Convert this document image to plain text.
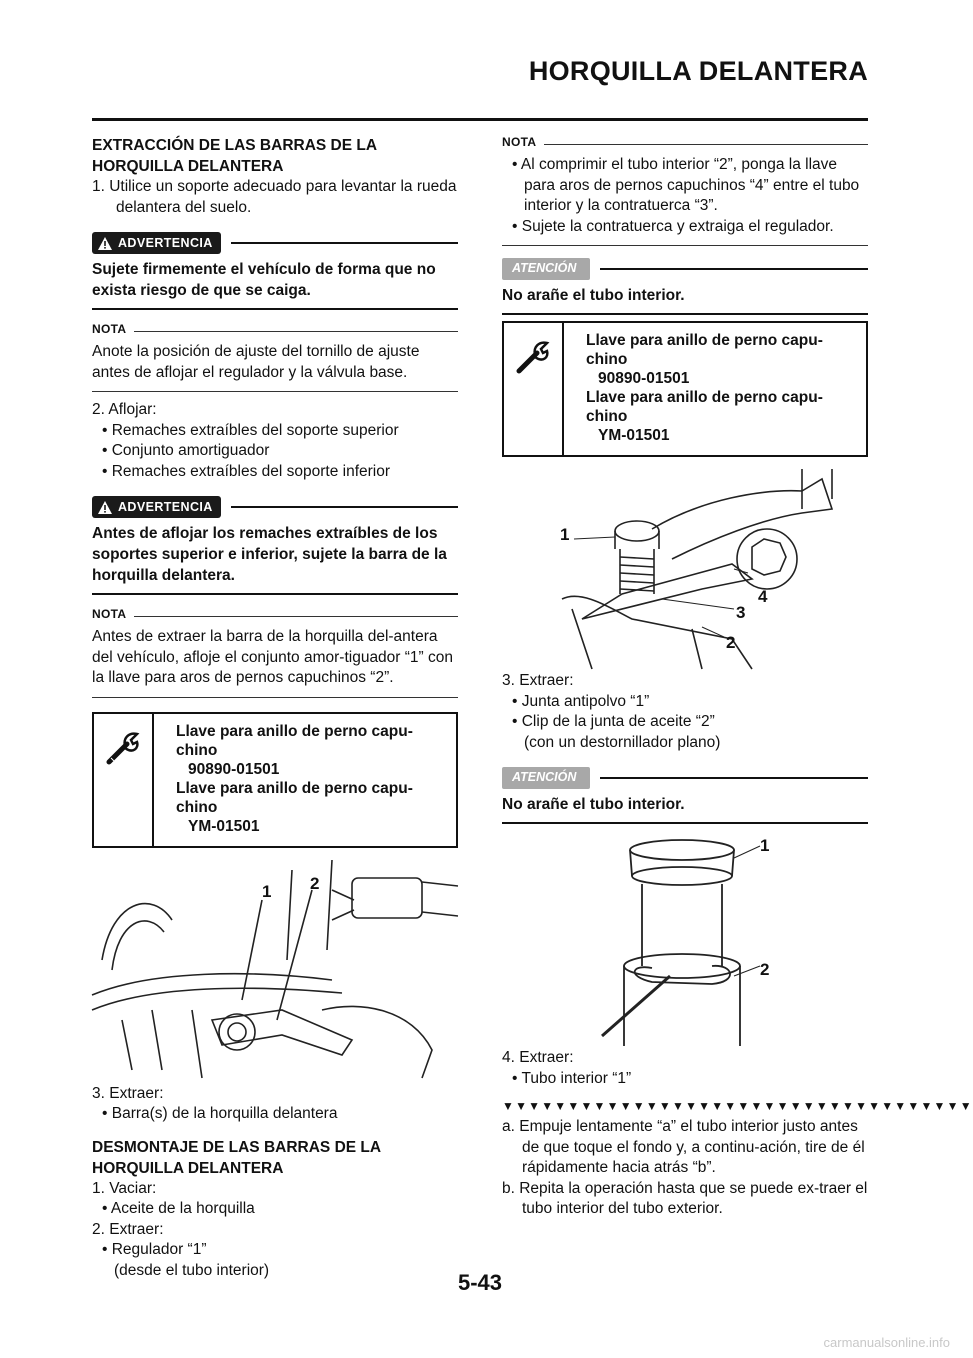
HORQUILLA DELANTERA
EXTRACCIÓN DE LAS BARRAS DE LA
HORQUILLA DELANTERA
1. Utilice un soporte adecuado para levantar la rueda delantera del suelo.
ADVERTENCIA
Sujete firmemente el vehículo de forma que no exista riesgo de que se caiga.
NOTA
Anote la posición de ajuste del tornillo de ajuste antes de aflojar el regulador y la válvula base.
2. Aflojar:
• Remaches extraíbles del soporte superior
• Conjunto amortiguador
• Remaches extraíbles del soporte inferior
ADVERTENCIA
Antes de aflojar los remaches extraíbles de los soportes superior e inferior, sujete la barra de la horquilla delantera.
NOTA
Antes de extraer la barra de la horquilla del-antera del vehículo, afloje el conjunto amor-tiguador “1” con la llave para aros de pernos capuchinos “2”.
Llave para anillo de perno capu-
chino
90890-01501
Llave para anillo de perno capu-
chino
YM-01501
1 2
3. Extraer:
• Barra(s) de la horquilla delantera
DESMONTAJE DE LAS BARRAS DE LA
HORQUILLA DELANTERA
1. Vaciar:
• Aceite de la horquilla
2. Extraer:
• Regulador “1”
(desde el tubo interior)
NOTA
• Al comprimir el tubo interior “2”, ponga la llave para aros de pernos capuchinos “4” entre el tubo interior y la contratuerca “3”.
• Sujete la contratuerca y extraiga el regulador.
ATENCIÓN
No arañe el tubo interior.
Llave para anillo de perno capu-
chino
90890-01501
Llave para anillo de perno capu-
chino
YM-01501
1
4
3
2
3. Extraer:
• Junta antipolvo “1”
• Clip de la junta de aceite “2”
(con un destornillador plano)
ATENCIÓN
No arañe el tubo interior.
1
2
4. Extraer:
• Tubo interior “1”
▼▼▼▼▼▼▼▼▼▼▼▼▼▼▼▼▼▼▼▼▼▼▼▼▼▼▼▼▼▼▼▼▼▼▼▼
a. Empuje lentamente “a” el tubo interior justo antes de que toque el fondo y, a continu-ación, tire de él rápidamente hacia atrás “b”.
b. Repita la operación hasta que se puede ex-traer el tubo interior del tubo exterior.
5-43
carmanualsonline.info
